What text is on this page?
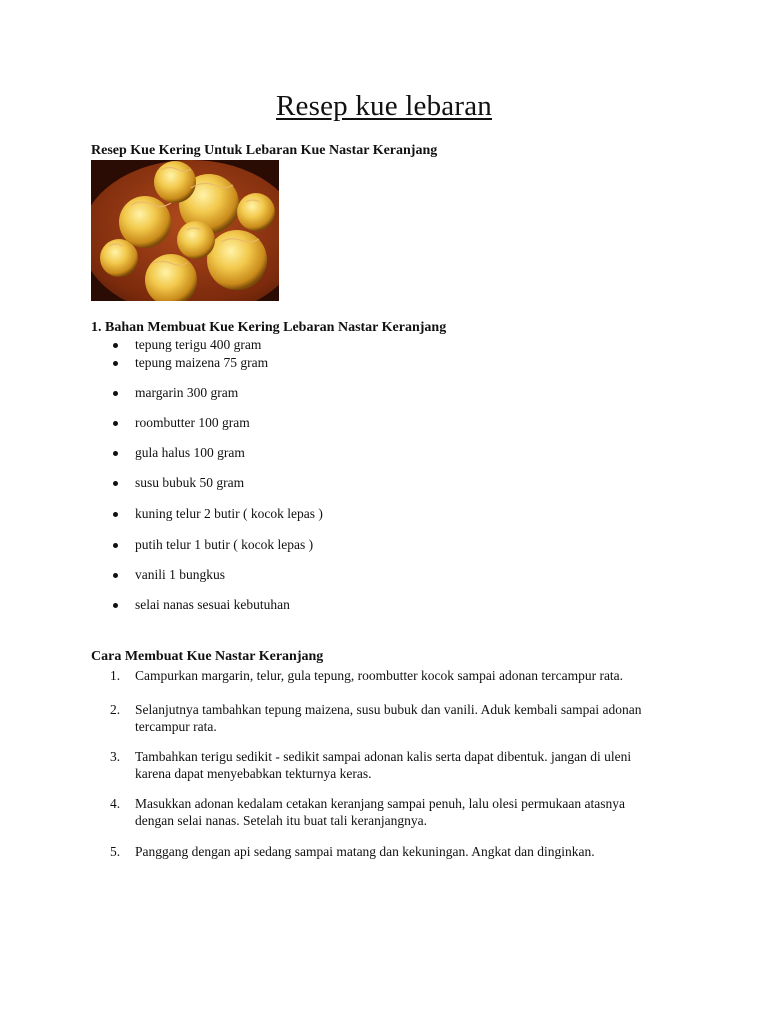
Resep kue lebaran

Resep Kue Kering Untuk Lebaran Kue Nastar Keranjang

1. Bahan Membuat Kue Kering Lebaran Nastar Keranjang

tepung terigu 400 gram
tepung maizena 75 gram
margarin 300 gram
roombutter 100 gram
gula halus 100 gram
susu bubuk 50 gram
kuning telur 2 butir ( kocok lepas )
putih telur 1 butir ( kocok lepas )
vanili 1 bungkus
selai nanas sesuai kebutuhan

Cara Membuat Kue Nastar Keranjang

1. Campurkan margarin, telur, gula tepung, roombutter kocok sampai adonan tercampur rata.
2. Selanjutnya tambahkan tepung maizena, susu bubuk dan vanili. Aduk kembali sampai adonan tercampur rata.
3. Tambahkan terigu sedikit - sedikit sampai adonan kalis serta dapat dibentuk. jangan di uleni karena dapat menyebabkan tekturnya keras.
4. Masukkan adonan kedalam cetakan keranjang sampai penuh, lalu olesi permukaan atasnya dengan selai nanas. Setelah itu buat tali keranjangnya.
5. Panggang dengan api sedang sampai matang dan kekuningan. Angkat dan dinginkan.
